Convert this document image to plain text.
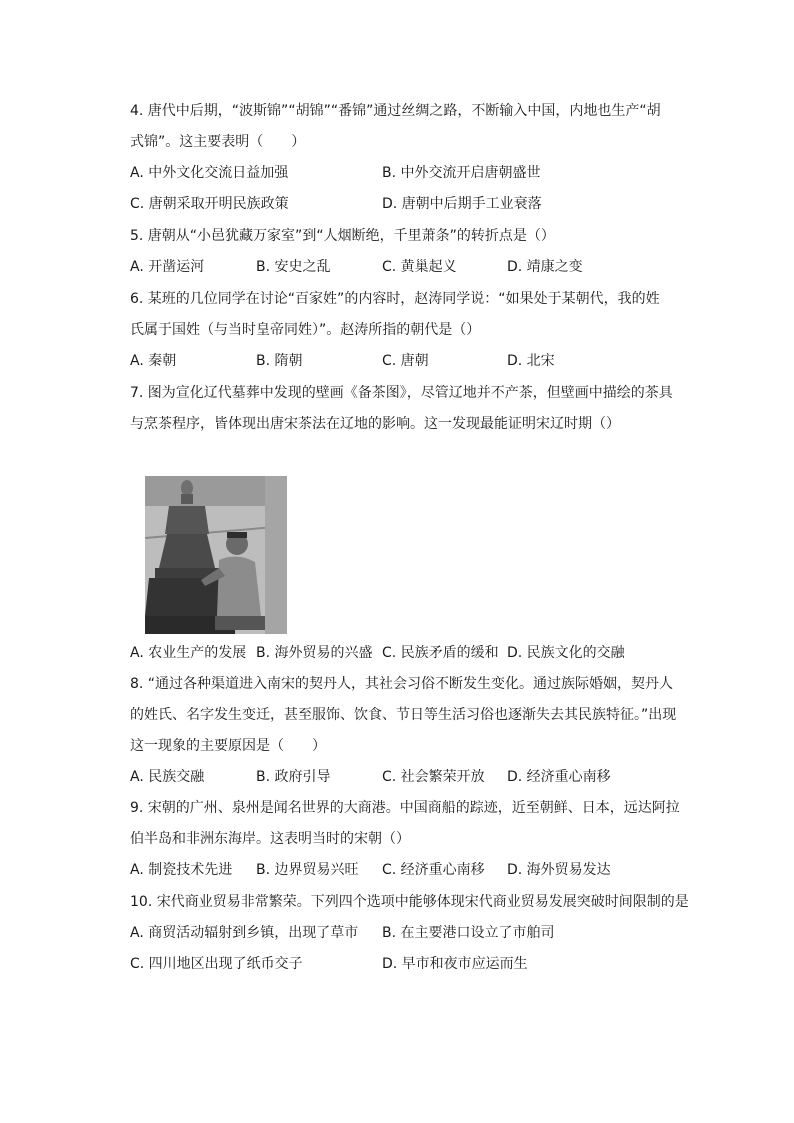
4. 唐代中后期，“波斯锦”“胡锦”“番锦”通过丝绸之路，不断输入中国，内地也生产“胡
式锦”。这主要表明（　　）
A. 中外文化交流日益加强	B. 中外交流开启唐朝盛世
C. 唐朝采取开明民族政策	D. 唐朝中后期手工业衰落
5. 唐朝从“小邑犹藏万家室”到“人烟断绝，千里萧条”的转折点是（）
A. 开凿运河	B. 安史之乱	C. 黄巢起义	D. 靖康之变
6. 某班的几位同学在讨论“百家姓”的内容时，赵涛同学说：“如果处于某朝代，我的姓
氏属于国姓（与当时皇帝同姓）”。赵涛所指的朝代是（）
A. 秦朝	B. 隋朝	C. 唐朝	D. 北宋
7. 图为宣化辽代墓葬中发现的壁画《备茶图》，尽管辽地并不产茶，但壁画中描绘的茶具
与烹茶程序，皆体现出唐宋茶法在辽地的影响。这一发现最能证明宋辽时期（）
A. 农业生产的发展 B. 海外贸易的兴盛 C. 民族矛盾的缓和 D. 民族文化的交融
8. “通过各种渠道进入南宋的契丹人，其社会习俗不断发生变化。通过族际婚姻，契丹人
的姓氏、名字发生变迁，甚至服饰、饮食、节日等生活习俗也逐渐失去其民族特征。”出现
这一现象的主要原因是（　　）
A. 民族交融	B. 政府引导	C. 社会繁荣开放 D. 经济重心南移
9. 宋朝的广州、泉州是闻名世界的大商港。中国商船的踪迹，近至朝鲜、日本，远达阿拉
伯半岛和非洲东海岸。这表明当时的宋朝（）
A. 制瓷技术先进 B. 边界贸易兴旺 C. 经济重心南移 D. 海外贸易发达
10. 宋代商业贸易非常繁荣。下列四个选项中能够体现宋代商业贸易发展突破时间限制的是
A. 商贸活动辐射到乡镇，出现了草市 B. 在主要港口设立了市舶司
C. 四川地区出现了纸币交子	D. 早市和夜市应运而生
